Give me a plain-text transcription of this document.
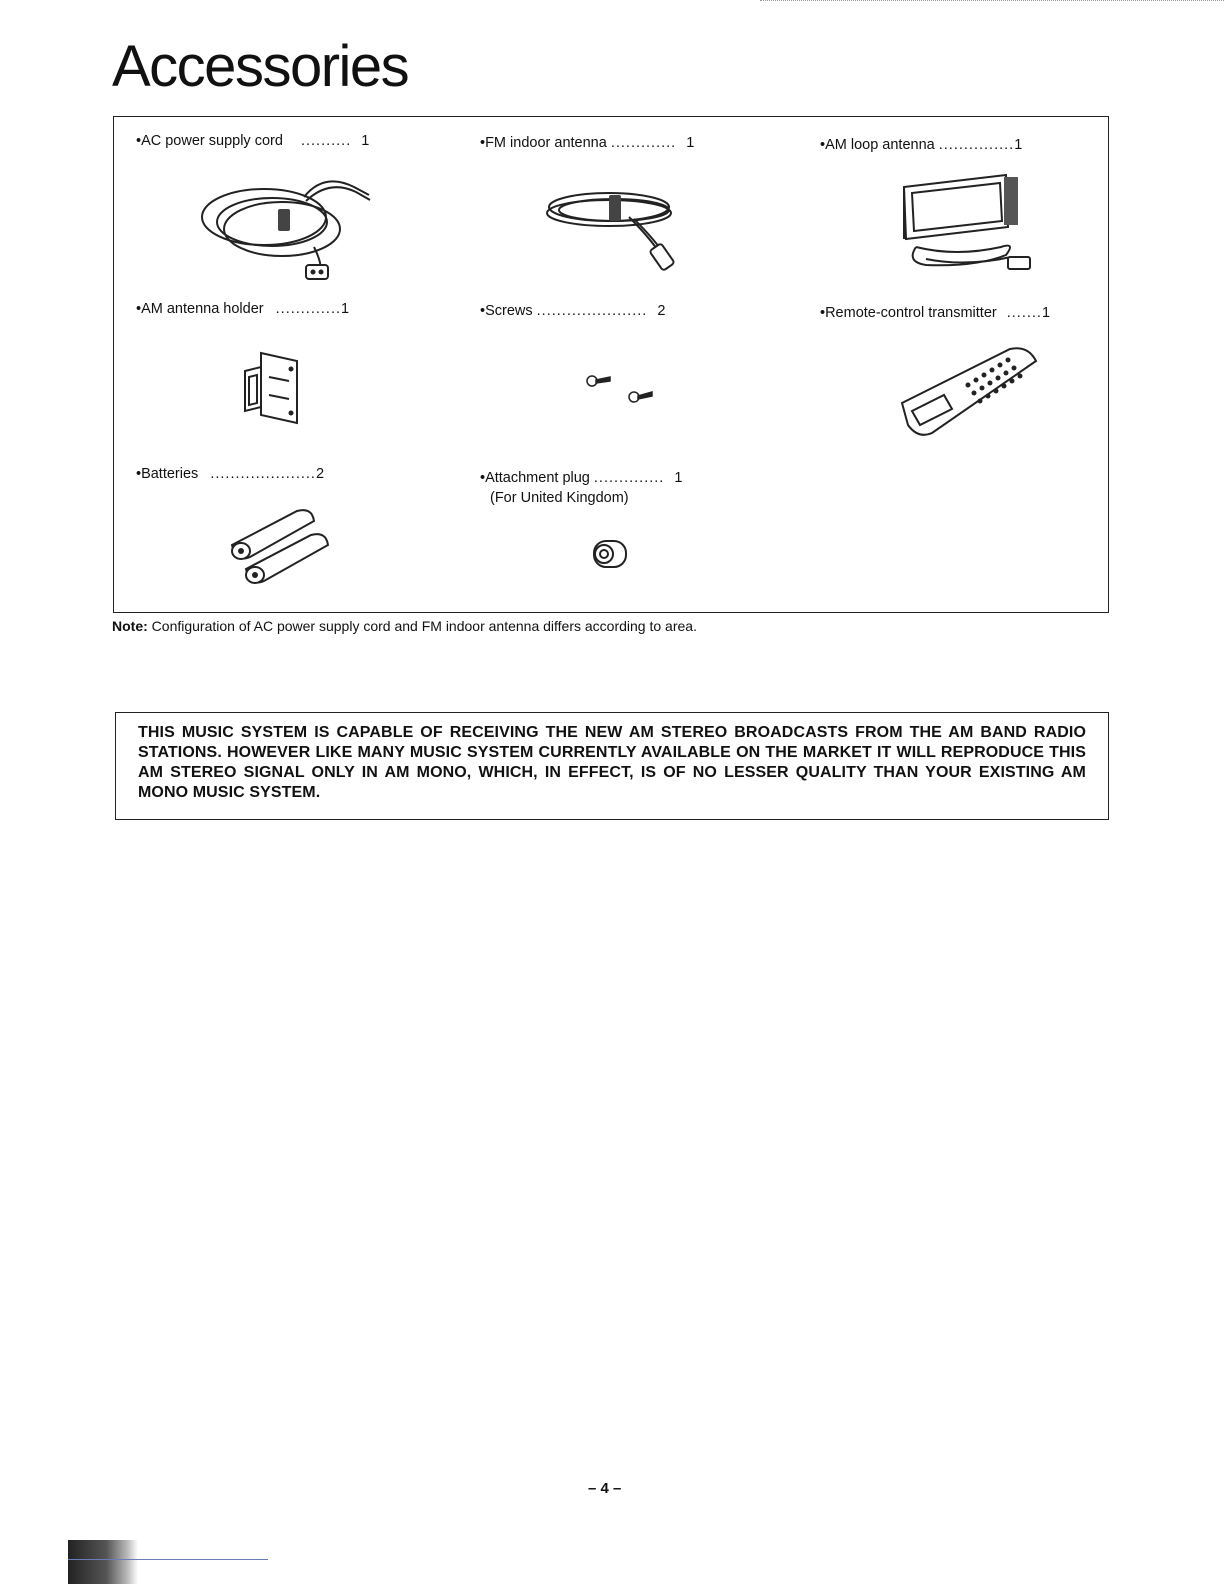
Accessories
•AC power supply cord .......... 1	•FM indoor antenna ............. 1	•AM loop antenna ...............1
•AM antenna holder .............1	•Screws ...................... 2	•Remote-control transmitter .......1
•Batteries .....................2	•Attachment plug .............. 1
(For United Kingdom)
Note: Configuration of AC power supply cord and FM indoor antenna differs according to area.
THIS MUSIC SYSTEM IS CAPABLE OF RECEIVING THE NEW AM STEREO BROADCASTS FROM THE AM BAND RADIO STATIONS. HOWEVER LIKE MANY MUSIC SYSTEM CURRENTLY AVAILABLE ON THE MARKET IT WILL REPRODUCE THIS AM STEREO SIGNAL ONLY IN AM MONO, WHICH, IN EFFECT, IS OF NO LESSER QUALITY THAN YOUR EXISTING AM MONO MUSIC SYSTEM.
– 4 –
